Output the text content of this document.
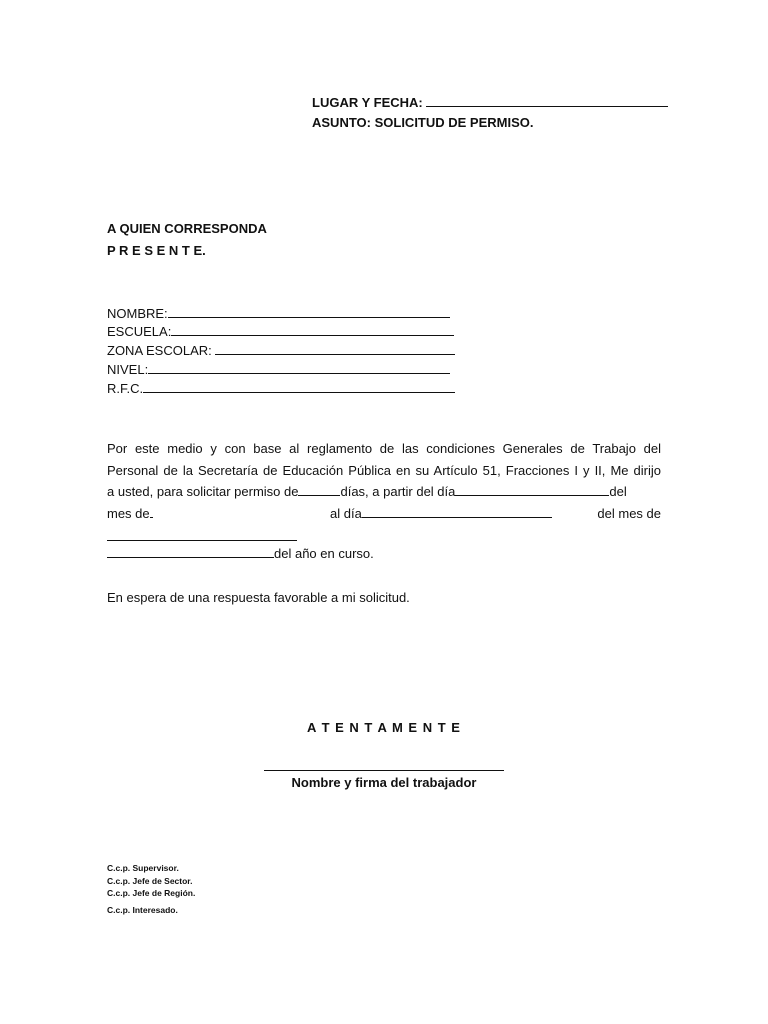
LUGAR Y FECHA:
ASUNTO: SOLICITUD DE PERMISO.
A QUIEN CORRESPONDA
P R E S E N T E.
NOMBRE:
ESCUELA:
ZONA ESCOLAR:
NIVEL:
R.F.C.
Por este medio y con base al reglamento de las condiciones Generales de Trabajo del
Personal de la Secretaría de Educación Pública en su Artículo 51, Fracciones I y II, Me dirijo
a usted, para solicitar permiso de	días, a partir del día	del
mes de	al día	del mes de
del año en curso.
En espera de una respuesta favorable a mi solicitud.
A T E N T A M E N T E
Nombre y firma del trabajador
C.c.p. Supervisor.
C.c.p. Jefe de Sector.
C.c.p. Jefe de Región.
C.c.p. Interesado.
